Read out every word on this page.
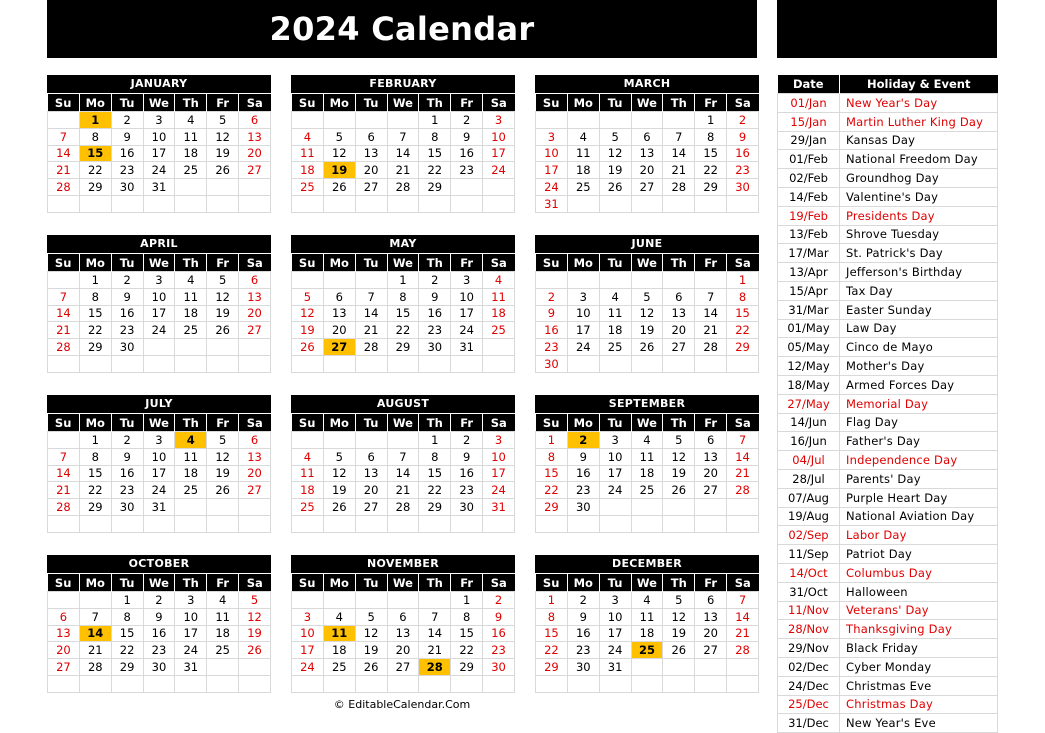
2024 Calendar
JANUARY
Su	Mo	Tu	We	Th	Fr	Sa
	1	2	3	4	5	6
7	8	9	10	11	12	13
14	15	16	17	18	19	20
21	22	23	24	25	26	27
28	29	30	31			

FEBRUARY
Su	Mo	Tu	We	Th	Fr	Sa
				1	2	3
4	5	6	7	8	9	10
11	12	13	14	15	16	17
18	19	20	21	22	23	24
25	26	27	28	29		

MARCH
Su	Mo	Tu	We	Th	Fr	Sa
					1	2
3	4	5	6	7	8	9
10	11	12	13	14	15	16
17	18	19	20	21	22	23
24	25	26	27	28	29	30
31						
APRIL
Su	Mo	Tu	We	Th	Fr	Sa
	1	2	3	4	5	6
7	8	9	10	11	12	13
14	15	16	17	18	19	20
21	22	23	24	25	26	27
28	29	30				

MAY
Su	Mo	Tu	We	Th	Fr	Sa
			1	2	3	4
5	6	7	8	9	10	11
12	13	14	15	16	17	18
19	20	21	22	23	24	25
26	27	28	29	30	31	

JUNE
Su	Mo	Tu	We	Th	Fr	Sa
						1
2	3	4	5	6	7	8
9	10	11	12	13	14	15
16	17	18	19	20	21	22
23	24	25	26	27	28	29
30						
JULY
Su	Mo	Tu	We	Th	Fr	Sa
	1	2	3	4	5	6
7	8	9	10	11	12	13
14	15	16	17	18	19	20
21	22	23	24	25	26	27
28	29	30	31			

AUGUST
Su	Mo	Tu	We	Th	Fr	Sa
				1	2	3
4	5	6	7	8	9	10
11	12	13	14	15	16	17
18	19	20	21	22	23	24
25	26	27	28	29	30	31

SEPTEMBER
Su	Mo	Tu	We	Th	Fr	Sa
1	2	3	4	5	6	7
8	9	10	11	12	13	14
15	16	17	18	19	20	21
22	23	24	25	26	27	28
29	30					

OCTOBER
Su	Mo	Tu	We	Th	Fr	Sa
		1	2	3	4	5
6	7	8	9	10	11	12
13	14	15	16	17	18	19
20	21	22	23	24	25	26
27	28	29	30	31		

NOVEMBER
Su	Mo	Tu	We	Th	Fr	Sa
					1	2
3	4	5	6	7	8	9
10	11	12	13	14	15	16
17	18	19	20	21	22	23
24	25	26	27	28	29	30

DECEMBER
Su	Mo	Tu	We	Th	Fr	Sa
1	2	3	4	5	6	7
8	9	10	11	12	13	14
15	16	17	18	19	20	21
22	23	24	25	26	27	28
29	30	31				

Date	Holiday & Event
01/Jan	New Year's Day
15/Jan	Martin Luther King Day
29/Jan	Kansas Day
01/Feb	National Freedom Day
02/Feb	Groundhog Day
14/Feb	Valentine's Day
19/Feb	Presidents Day
13/Feb	Shrove Tuesday
17/Mar	St. Patrick's Day
13/Apr	Jefferson's Birthday
15/Apr	Tax Day
31/Mar	Easter Sunday
01/May	Law Day
05/May	Cinco de Mayo
12/May	Mother's Day
18/May	Armed Forces Day
27/May	Memorial Day
14/Jun	Flag Day
16/Jun	Father's Day
04/Jul	Independence Day
28/Jul	Parents' Day
07/Aug	Purple Heart Day
19/Aug	National Aviation Day
02/Sep	Labor Day
11/Sep	Patriot Day
14/Oct	Columbus Day
31/Oct	Halloween
11/Nov	Veterans' Day
28/Nov	Thanksgiving Day
29/Nov	Black Friday
02/Dec	Cyber Monday
24/Dec	Christmas Eve
25/Dec	Christmas Day
31/Dec	New Year's Eve
© EditableCalendar.Com
